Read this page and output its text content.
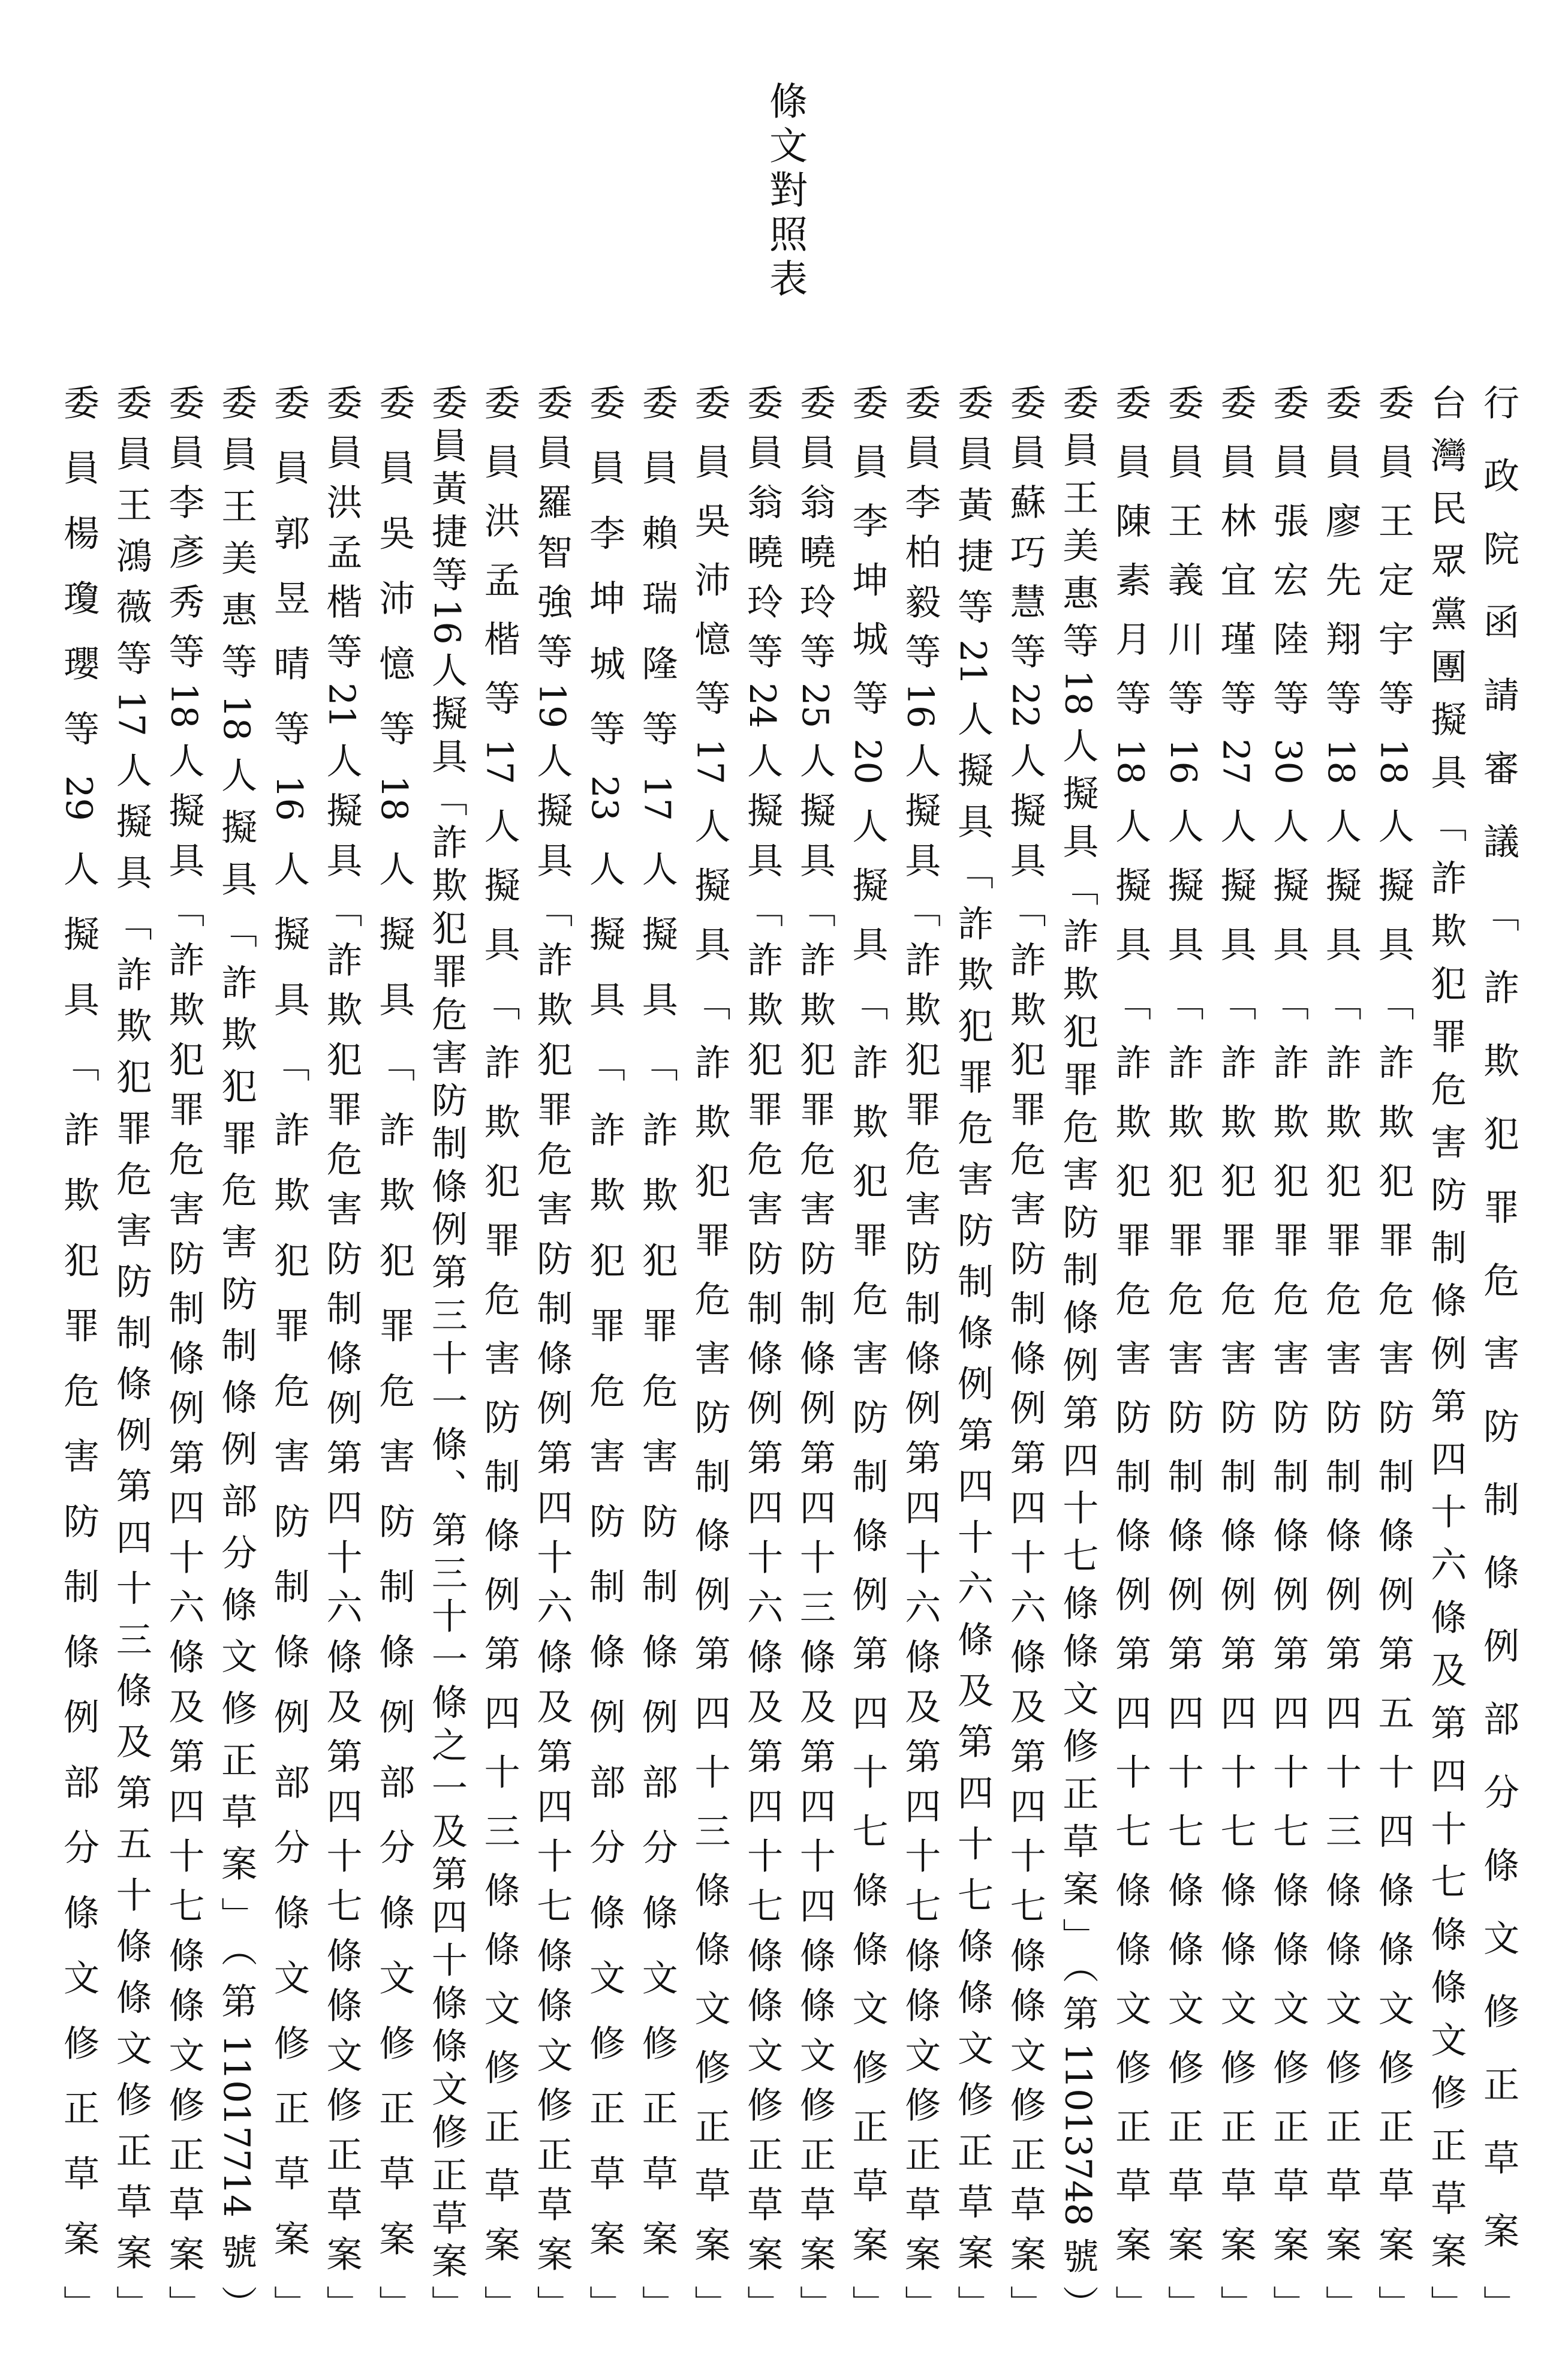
條文對照表
行政院函請審議「詐欺犯罪危害防制條例部分條文修正草案」
台灣民眾黨團擬具「詐欺犯罪危害防制條例第四十六條及第四十七條條文修正草案」
委員王定宇等18人擬具「詐欺犯罪危害防制條例第五十四條條文修正草案」
委員廖先翔等18人擬具「詐欺犯罪危害防制條例第四十三條條文修正草案」
委員張宏陸等30人擬具「詐欺犯罪危害防制條例第四十七條條文修正草案」
委員林宜瑾等27人擬具「詐欺犯罪危害防制條例第四十七條條文修正草案」
委員王義川等16人擬具「詐欺犯罪危害防制條例第四十七條條文修正草案」
委員陳素月等18人擬具「詐欺犯罪危害防制條例第四十七條條文修正草案」
委員王美惠等18人擬具「詐欺犯罪危害防制條例第四十七條條文修正草案」（第11013748號）
委員蘇巧慧等22人擬具「詐欺犯罪危害防制條例第四十六條及第四十七條條文修正草案」
委員黃捷等21人擬具「詐欺犯罪危害防制條例第四十六條及第四十七條條文修正草案」
委員李柏毅等16人擬具「詐欺犯罪危害防制條例第四十六條及第四十七條條文修正草案」
委員李坤城等20人擬具「詐欺犯罪危害防制條例第四十七條條文修正草案」
委員翁曉玲等25人擬具「詐欺犯罪危害防制條例第四十三條及第四十四條條文修正草案」
委員翁曉玲等24人擬具「詐欺犯罪危害防制條例第四十六條及第四十七條條文修正草案」
委員吳沛憶等17人擬具「詐欺犯罪危害防制條例第四十三條條文修正草案」
委員賴瑞隆等17人擬具「詐欺犯罪危害防制條例部分條文修正草案」
委員李坤城等23人擬具「詐欺犯罪危害防制條例部分條文修正草案」
委員羅智強等19人擬具「詐欺犯罪危害防制條例第四十六條及第四十七條條文修正草案」
委員洪孟楷等17人擬具「詐欺犯罪危害防制條例第四十三條條文修正草案」
委員黃捷等16人擬具「詐欺犯罪危害防制條例第三十一條、第三十一條之一及第四十條條文修正草案」
委員吳沛憶等18人擬具「詐欺犯罪危害防制條例部分條文修正草案」
委員洪孟楷等21人擬具「詐欺犯罪危害防制條例第四十六條及第四十七條條文修正草案」
委員郭昱晴等16人擬具「詐欺犯罪危害防制條例部分條文修正草案」
委員王美惠等18人擬具「詐欺犯罪危害防制條例部分條文修正草案」（第11017714號）
委員李彥秀等18人擬具「詐欺犯罪危害防制條例第四十六條及第四十七條條文修正草案」
委員王鴻薇等17人擬具「詐欺犯罪危害防制條例第四十三條及第五十條條文修正草案」
委員楊瓊瓔等29人擬具「詐欺犯罪危害防制條例部分條文修正草案」
